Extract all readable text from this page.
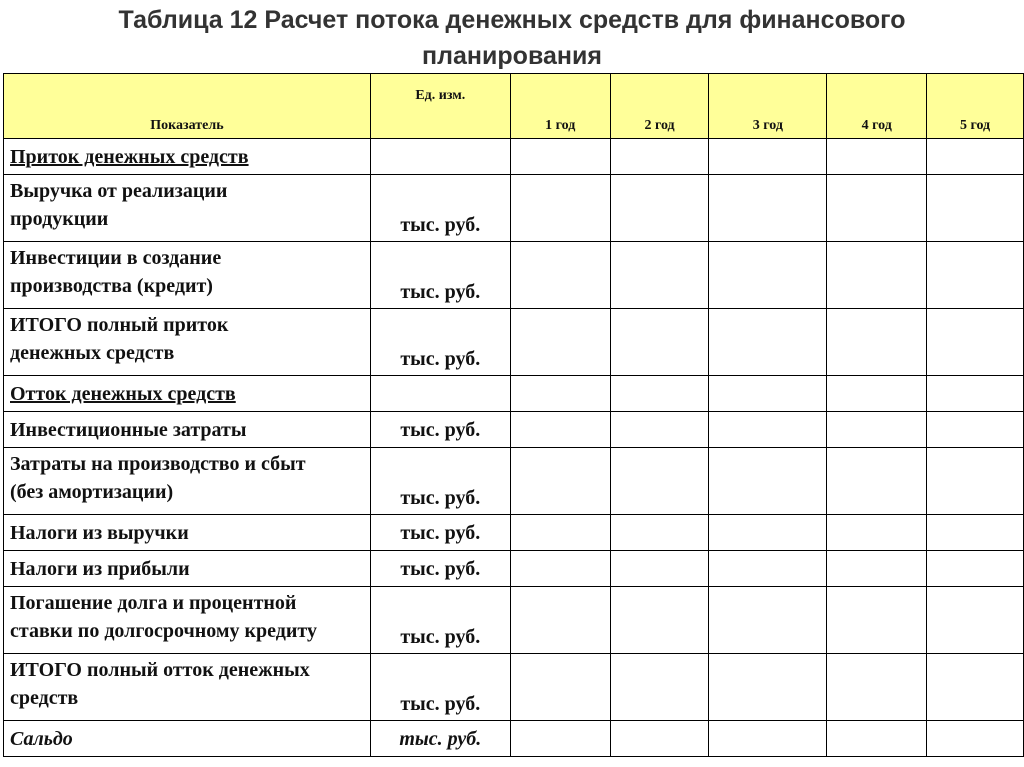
Таблица 12 Расчет потока денежных средств для финансового
планирования
Показатель	Ед. изм.	1 год	2 год	3 год	4 год	5 год

Приток денежных средств						

Выручка от реализации
продукции	тыс. руб.					

Инвестиции в создание
производства (кредит)	тыс. руб.					

ИТОГО полный приток
денежных средств	тыс. руб.					

Отток денежных средств						

Инвестиционные затраты	тыс. руб.					

Затраты на производство и сбыт
(без амортизации)	тыс. руб.					

Налоги из выручки	тыс. руб.					

Налоги из прибыли	тыс. руб.					

Погашение долга и процентной
ставки по долгосрочному кредиту	тыс. руб.					

ИТОГО полный отток денежных
средств	тыс. руб.					

Сальдо	тыс. руб.					
